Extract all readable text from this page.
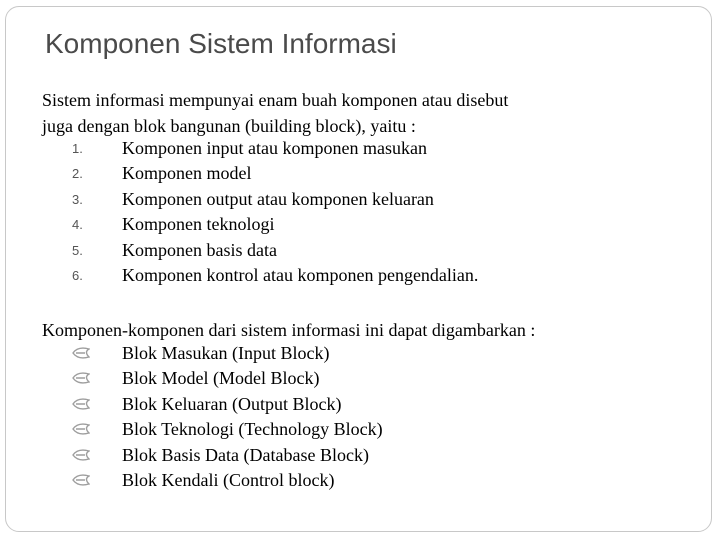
Komponen Sistem Informasi
Sistem informasi mempunyai enam buah komponen atau disebut
juga dengan blok bangunan (building block), yaitu :
1. Komponen input atau komponen masukan
2. Komponen model
3. Komponen output atau komponen keluaran
4. Komponen teknologi
5. Komponen basis data
6. Komponen kontrol atau komponen pengendalian.
Komponen-komponen dari sistem informasi ini dapat digambarkan :
Blok Masukan (Input Block)
Blok Model (Model Block)
Blok Keluaran (Output Block)
Blok Teknologi (Technology Block)
Blok Basis Data (Database Block)
Blok Kendali (Control block)
